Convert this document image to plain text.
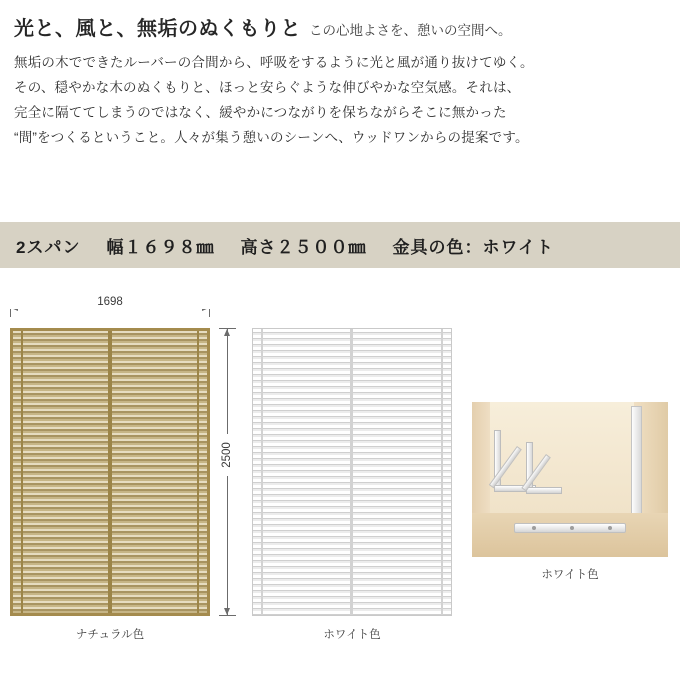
光と、風と、無垢のぬくもりと この心地よさを、憩いの空間へ。
無垢の木でできたルーバーの合間から、呼吸をするように光と風が通り抜けてゆく。
その、穏やかな木のぬくもりと、ほっと安らぐような伸びやかな空気感。それは、
完全に隔ててしまうのではなく、緩やかにつながりを保ちながらそこに無かった
“間”をつくるということ。人々が集う憩いのシーンへ、ウッドワンからの提案です。
2スパン 幅１６９８㎜ 高さ２５００㎜ 金具の色：ホワイト
1698
ナチュラル色
2500
ホワイト色
ホワイト色
